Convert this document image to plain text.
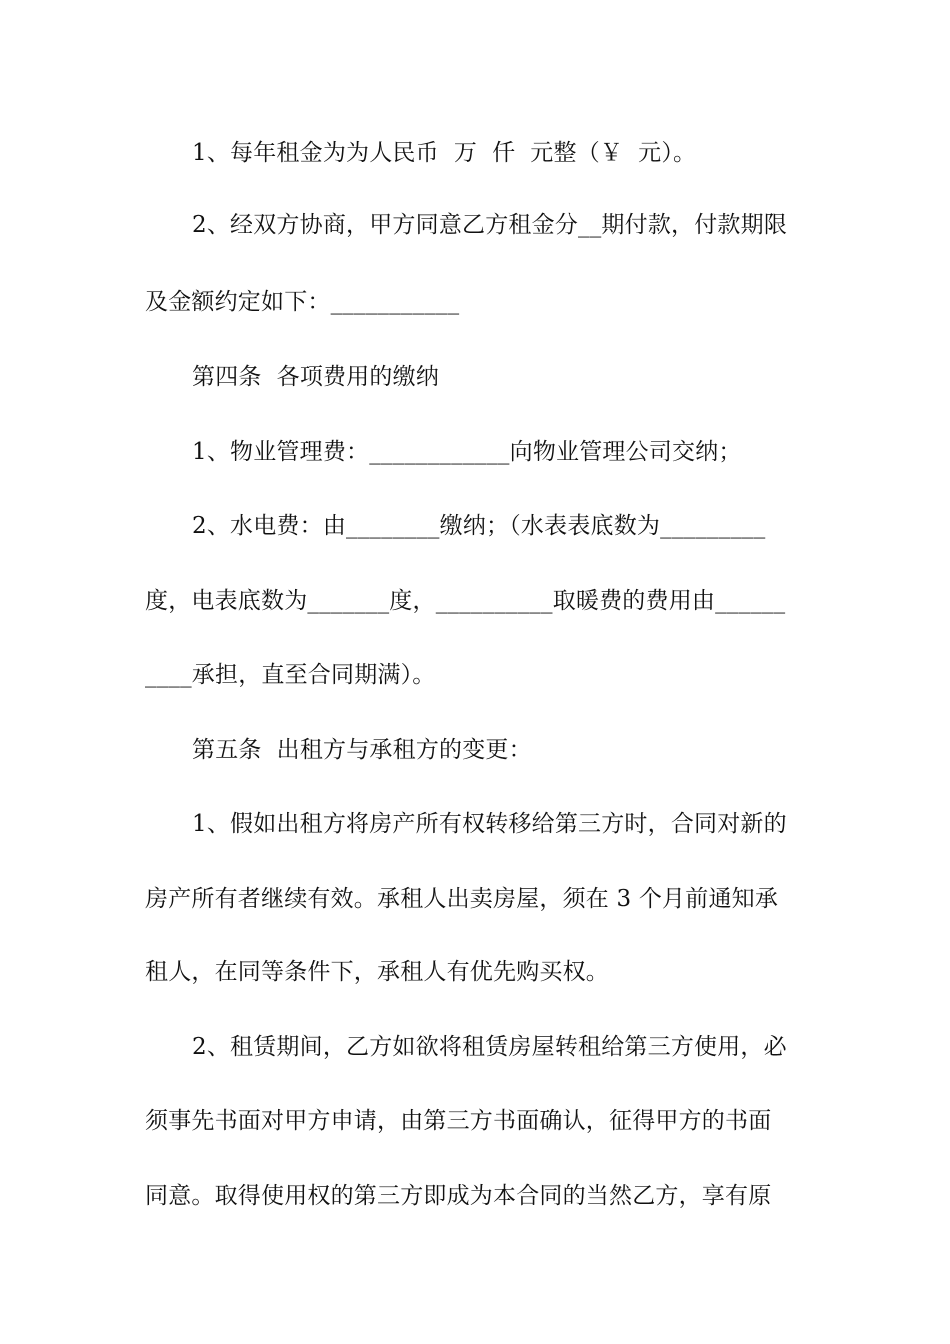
1、每年租金为为人民币  万  仟  元整（￥  元）。
2、经双方协商，甲方同意乙方租金分__期付款，付款期限
及金额约定如下：___________
第四条  各项费用的缴纳
1、物业管理费：____________向物业管理公司交纳；
2、水电费：由________缴纳；（水表表底数为_________
度，电表底数为_______度，__________取暖费的费用由______
____承担，直至合同期满）。
第五条  出租方与承租方的变更：
1、假如出租方将房产所有权转移给第三方时，合同对新的
房产所有者继续有效。承租人出卖房屋，须在 3 个月前通知承
租人，在同等条件下，承租人有优先购买权。
2、租赁期间，乙方如欲将租赁房屋转租给第三方使用，必
须事先书面对甲方申请，由第三方书面确认，征得甲方的书面
同意。取得使用权的第三方即成为本合同的当然乙方，享有原
